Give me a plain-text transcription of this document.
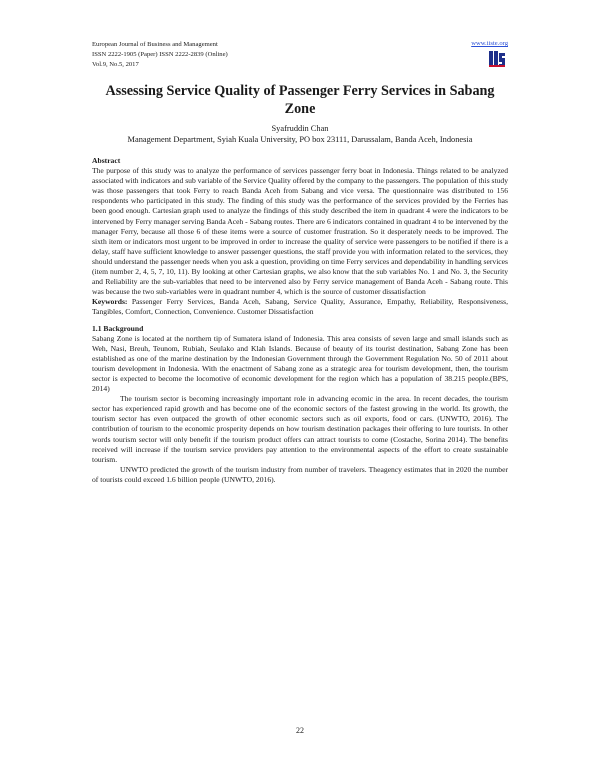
European Journal of Business and Management
ISSN 2222-1905 (Paper) ISSN 2222-2839 (Online)
Vol.9, No.5, 2017
www.iiste.org
Assessing Service Quality of Passenger Ferry Services in Sabang Zone
Syafruddin Chan
Management Department, Syiah Kuala University, PO box 23111, Darussalam, Banda Aceh, Indonesia

Abstract

The purpose of this study was to analyze the performance of services passenger ferry boat in Indonesia. Things related to be analyzed associated with indicators and sub variable of the Service Quality offered by the company to the passengers. The population of this study was those passengers that took Ferry to reach Banda Aceh from Sabang and vice versa. The questionnaire was distributed to 156 respondents who participated in this study. The finding of this study was the performance of the services provided by the Ferries has been good enough. Cartesian graph used to analyze the findings of this study described the item in quadrant 4 were the indicators to be intervened by Ferry manager serving Banda Aceh - Sabang routes. There are 6 indicators contained in quadrant 4 to be intervened by the manager Ferry, because all those 6 of these items were a source of customer frustration. So it desperately needs to be improved. The sixth item or indicators most urgent to be improved in order to increase the quality of service were passengers to be notified if there is a delay, staff have sufficient knowledge to answer passenger questions, the staff provide you with information related to the services, they should understand the passenger needs when you ask a question, providing on time Ferry services and dependability in handling services (item number 2, 4, 5, 7, 10, 11). By looking at other Cartesian graphs, we also know that the sub variables No. 1 and No. 3, the Security and Reliability are the sub-variables that need to be intervened also by Ferry service management of Banda Aceh - Sabang route. This was because the two sub-variables were in quadrant number 4, which is the source of customer dissatisfaction

Keywords: Passenger Ferry Services, Banda Aceh, Sabang, Service Quality, Assurance, Empathy, Reliability, Responsiveness, Tangibles, Comfort, Connection, Convenience. Customer Dissatisfaction

1.1 Background

Sabang Zone is located at the northern tip of Sumatera island of Indonesia. This area consists of seven large and small islands such as Weh, Nasi, Breuh, Teunom, Rubiah, Seulako and Klah Islands. Because of beauty of its tourist destination, Sabang Zone has been established as one of the marine destination by the Indonesian Government through the Government Regulation No. 50 of 2011 about tourism development in Indonesia. With the enactment of Sabang zone as a strategic area for tourism development, then, the tourism sector is expected to become the locomotive of economic development for the region which has a population of 38.215 people.(BPS, 2014)

The tourism sector is becoming increasingly important role in advancing ecomic in the area. In recent decades, the tourism sector has experienced rapid growth and has become one of the economic sectors of the fastest growing in the world. Its growth, the tourism sector has even outpaced the growth of other economic sectors such as oil exports, food or cars. (UNWTO, 2016). The contribution of tourism to the economic prosperity depends on how tourism destination packages their offering to lure tourists. In other words tourism sector will only benefit if the tourism product offers can attract tourists to come (Costache, Sorina 2014). The benefits received will increase if the tourism service providers pay attention to the environmental aspects of the effort to create sustainable tourism.

UNWTO predicted the growth of the tourism industry from number of travelers. Theagency estimates that in 2020 the number of tourists could exceed 1.6 billion people (UNWTO, 2016).

22
